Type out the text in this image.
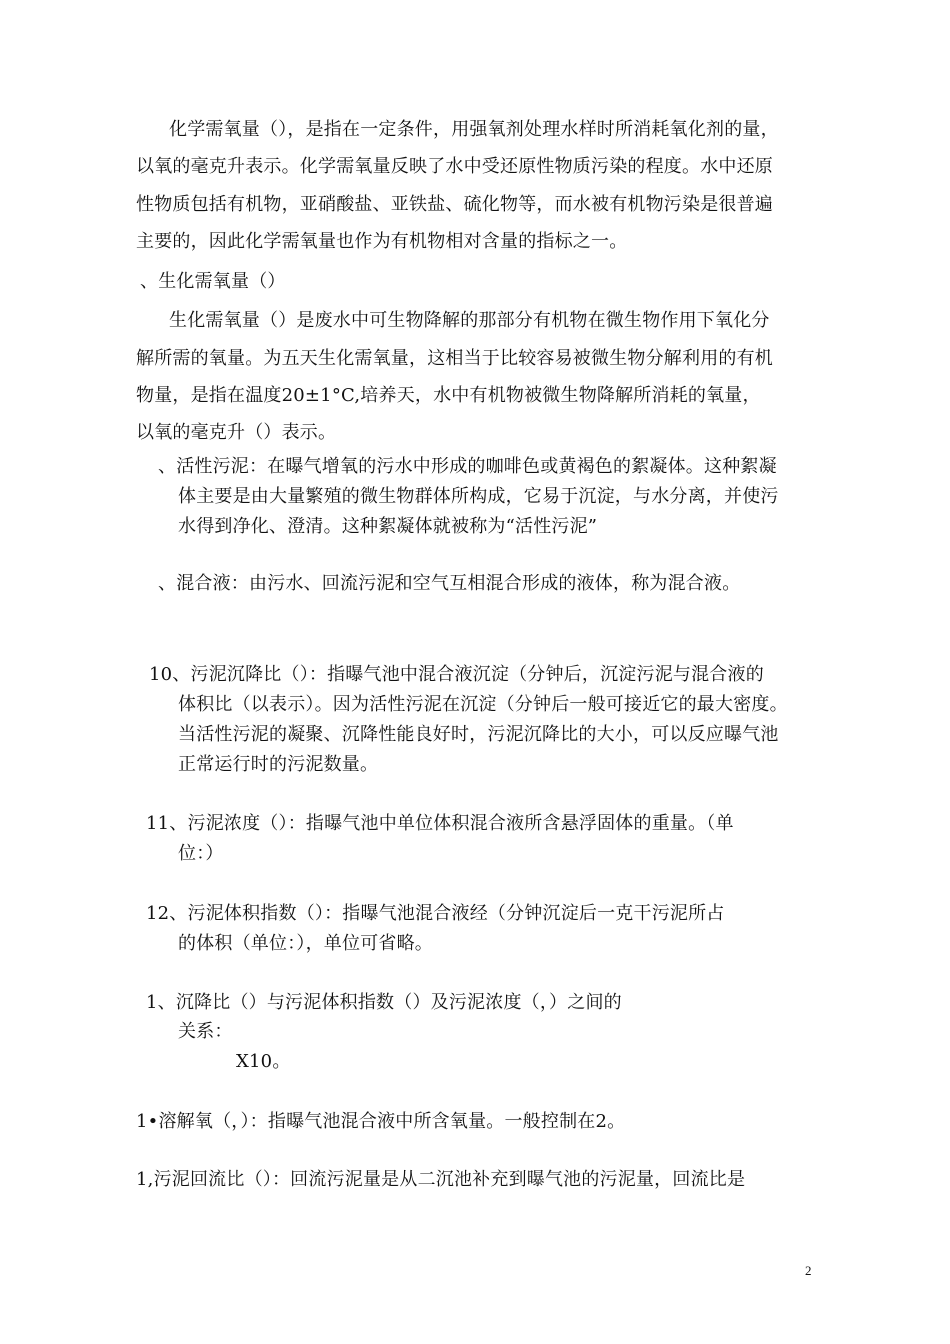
化学需氧量（），是指在一定条件，用强氧剂处理水样时所消耗氧化剂的量，
以氧的毫克升表示。化学需氧量反映了水中受还原性物质污染的程度。水中还原
性物质包括有机物，亚硝酸盐、亚铁盐、硫化物等，而水被有机物污染是很普遍
主要的，因此化学需氧量也作为有机物相对含量的指标之一。
、生化需氧量（）
生化需氧量（）是废水中可生物降解的那部分有机物在微生物作用下氧化分
解所需的氧量。为五天生化需氧量，这相当于比较容易被微生物分解利用的有机
物量，是指在温度20±1°C,培养天，水中有机物被微生物降解所消耗的氧量，
以氧的毫克升（）表示。
、活性污泥：在曝气增氧的污水中形成的咖啡色或黄褐色的絮凝体。这种絮凝
体主要是由大量繁殖的微生物群体所构成，它易于沉淀，与水分离，并使污
水得到净化、澄清。这种絮凝体就被称为“活性污泥”
、混合液：由污水、回流污泥和空气互相混合形成的液体，称为混合液。
10、污泥沉降比（）：指曝气池中混合液沉淀（分钟后，沉淀污泥与混合液的
体积比（以表示）。因为活性污泥在沉淀（分钟后一般可接近它的最大密度。
当活性污泥的凝聚、沉降性能良好时，污泥沉降比的大小，可以反应曝气池
正常运行时的污泥数量。
11、污泥浓度（）：指曝气池中单位体积混合液所含悬浮固体的重量。（单
位：）
12、污泥体积指数（）：指曝气池混合液经（分钟沉淀后一克干污泥所占
的体积（单位：），单位可省略。
1、沉降比（）与污泥体积指数（）及污泥浓度（，）之间的
关系：
X10。
1•溶解氧（，）：指曝气池混合液中所含氧量。一般控制在2。
1,污泥回流比（）：回流污泥量是从二沉池补充到曝气池的污泥量，回流比是
2
